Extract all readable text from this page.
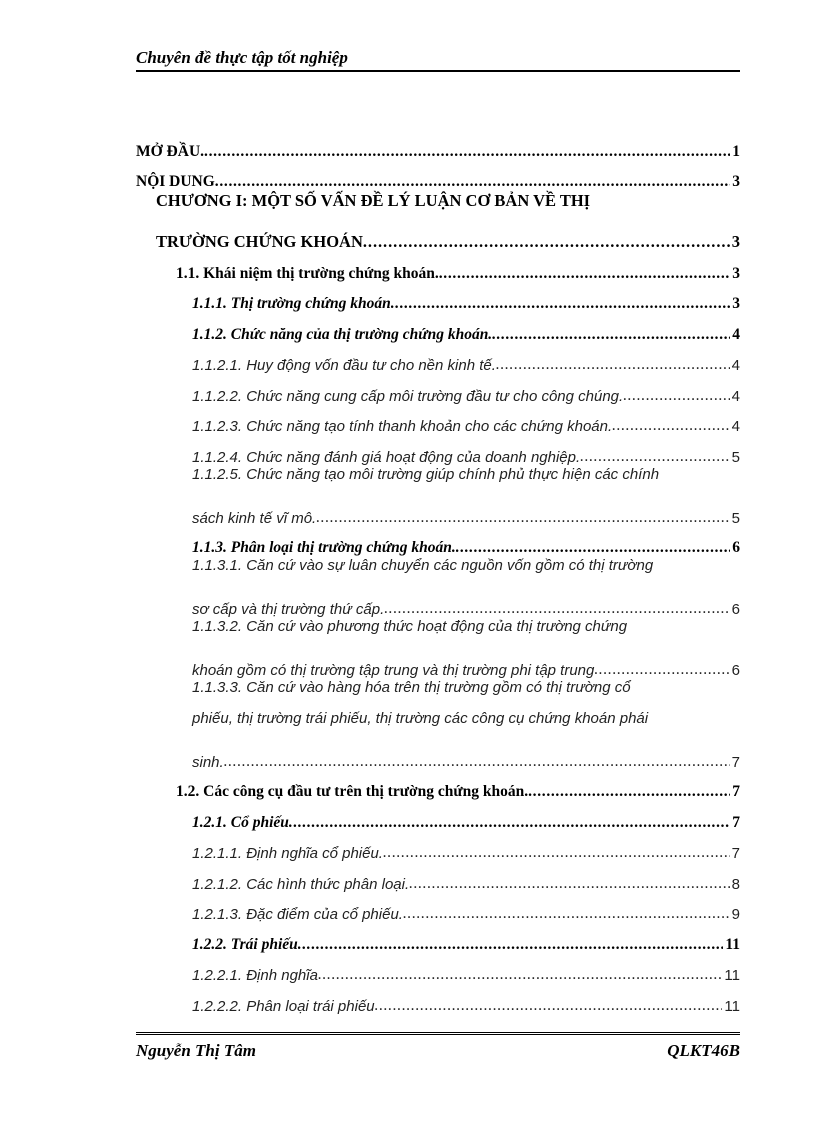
Chuyên đề thực tập tốt nghiệp
MỞ ĐẦU. . . .	1
NỘI DUNG . . .	3
CHƯƠNG I: MỘT SỐ VẤN ĐỀ LÝ LUẬN CƠ BẢN VỀ THỊ
TRƯỜNG CHỨNG KHOÁN . . .	3
1.1. Khái niệm thị trường chứng khoán. . . .	3
1.1.1. Thị trường chứng khoán . . .	3
1.1.2. Chức năng của thị trường chứng khoán. . . .	4
1.1.2.1. Huy động vốn đầu tư cho nền kinh tế. . . .	4
1.1.2.2. Chức năng cung cấp môi trường đầu tư cho công chúng. . . .	4
1.1.2.3. Chức năng tạo tính thanh khoản cho các chứng khoán. . . .	4
1.1.2.4. Chức năng đánh giá hoạt động của doanh nghiệp. . . .	5
1.1.2.5. Chức năng tạo môi trường giúp chính phủ thực hiện các chính
sách kinh tế vĩ mô. . . .	5
1.1.3. Phân loại thị trường chứng khoán. . . .	6
1.1.3.1. Căn cứ vào sự luân chuyển các nguồn vốn gồm có thị trường
sơ cấp và thị trường thứ cấp. . . .	6
1.1.3.2. Căn cứ vào phương thức hoạt động của thị trường chứng
khoán gồm có thị trường tập trung và thị trường phi tập trung . . .	6
1.1.3.3. Căn cứ vào hàng hóa trên thị trường gồm có thị trường cổ
phiếu, thị trường trái phiếu, thị trường các công cụ chứng khoán phái
sinh. . . .	7
1.2. Các công cụ đầu tư trên thị trường chứng khoán. . . .	7
1.2.1. Cổ phiếu . . .	7
1.2.1.1. Định nghĩa cổ phiếu. . . .	7
1.2.1.2. Các hình thức phân loại. . . .	8
1.2.1.3. Đặc điểm của cổ phiếu. . . .	9
1.2.2. Trái phiếu . . .	11
1.2.2.1. Định nghĩa . . .	11
1.2.2.2. Phân loại trái phiếu . . .	11
Nguyễn Thị Tâm	QLKT46B
